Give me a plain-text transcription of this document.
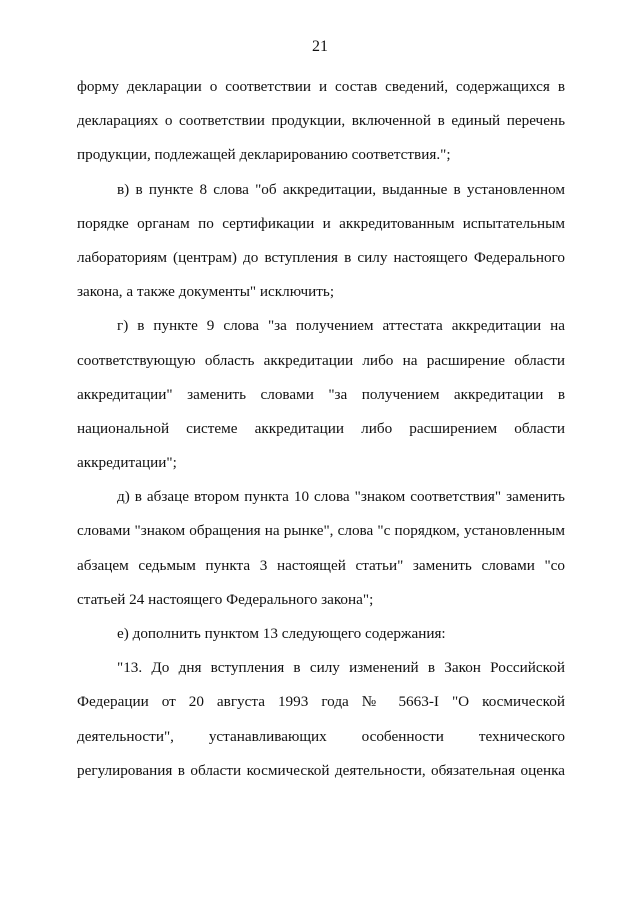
21
форму декларации о соответствии и состав сведений, содержащихся в
декларациях о соответствии продукции, включенной в единый перечень
продукции, подлежащей декларированию соответствия.";
в) в пункте 8 слова "об аккредитации, выданные в установленном
порядке органам по сертификации и аккредитованным испытательным
лабораториям (центрам) до вступления в силу настоящего Федерального
закона, а также документы" исключить;
г) в пункте 9 слова "за получением аттестата аккредитации на
соответствующую область аккредитации либо на расширение области
аккредитации" заменить словами "за получением аккредитации в
национальной системе аккредитации либо расширением области
аккредитации";
д) в абзаце втором пункта 10 слова "знаком соответствия" заменить
словами "знаком обращения на рынке", слова "с порядком, установленным
абзацем седьмым пункта 3 настоящей статьи" заменить словами "со
статьей 24 настоящего Федерального закона";
е) дополнить пунктом 13 следующего содержания:
"13. До дня вступления в силу изменений в Закон Российской
Федерации от 20 августа 1993 года № 5663-I "О космической
деятельности", устанавливающих особенности технического
регулирования в области космической деятельности, обязательная оценка
